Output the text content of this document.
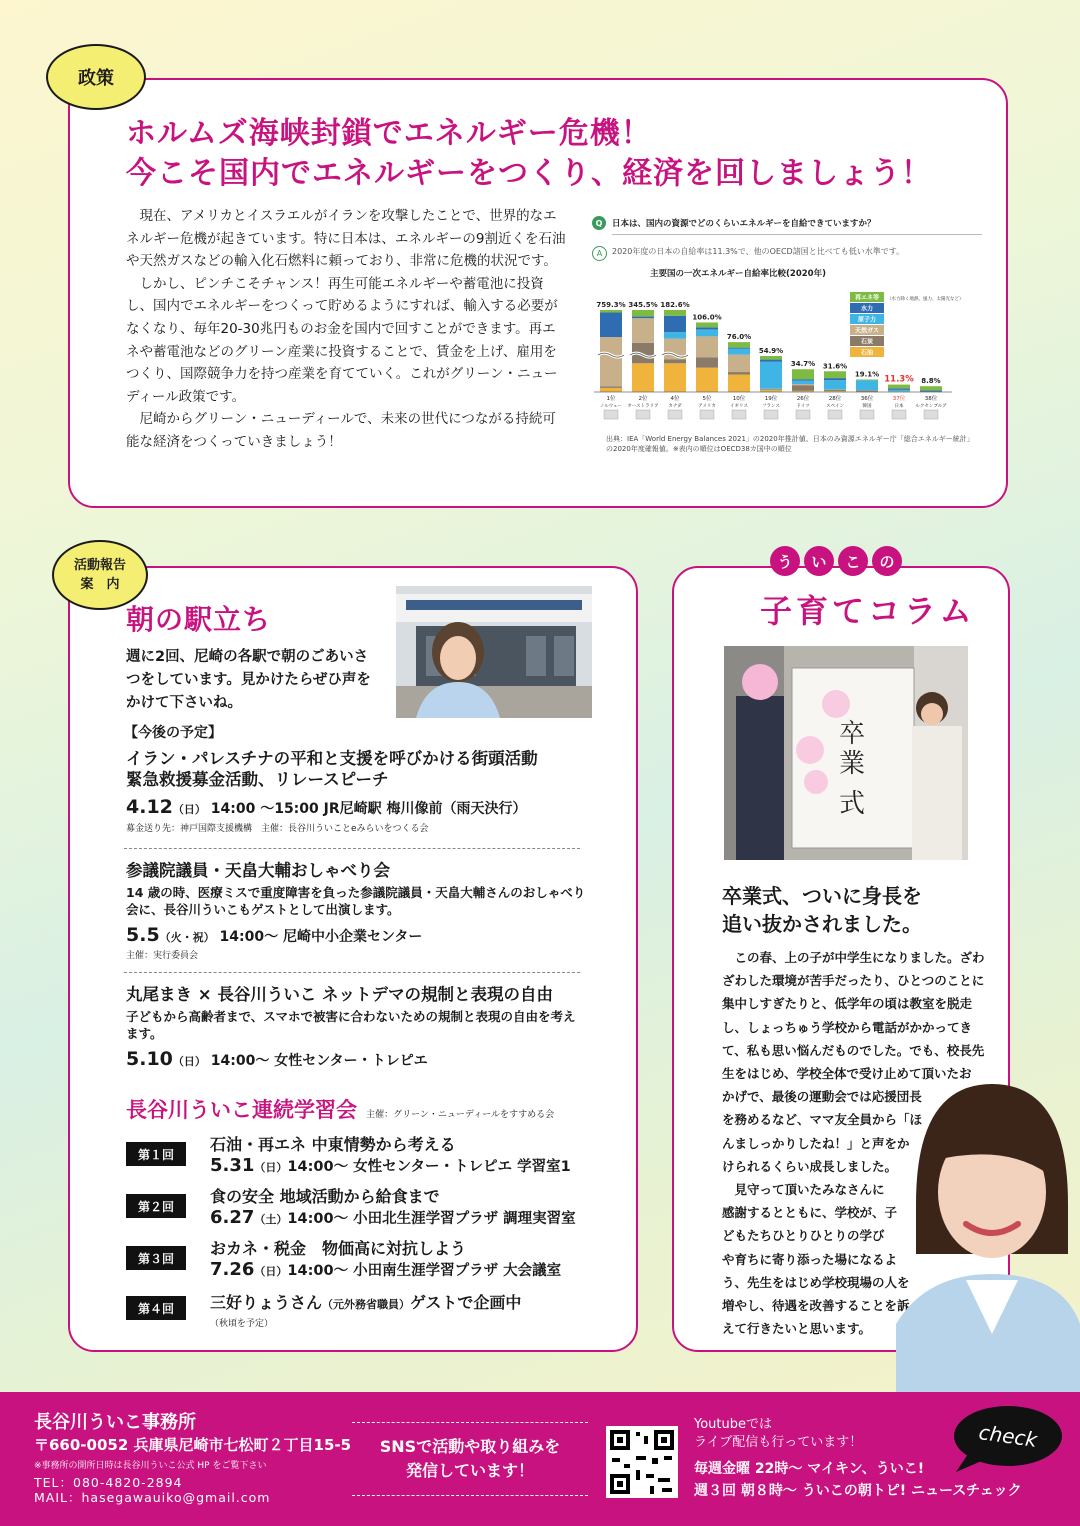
政策
ホルムズ海峡封鎖でエネルギー危機！
今こそ国内でエネルギーをつくり、経済を回しましょう！

現在、アメリカとイスラエルがイランを攻撃したことで、世界的なエネルギー危機が起きています。特に日本は、エネルギーの9割近くを石油や天然ガスなどの輸入化石燃料に頼っており、非常に危機的状況です。

しかし、ピンチこそチャンス！再生可能エネルギーや蓄電池に投資し、国内でエネルギーをつくって貯めるようにすれば、輸入する必要がなくなり、毎年20-30兆円ものお金を国内で回すことができます。再エネや蓄電池などのグリーン産業に投資することで、賃金を上げ、雇用をつくり、国際競争力を持つ産業を育てていく。これがグリーン・ニューディール政策です。

尼崎からグリーン・ニューディールで、未来の世代につながる持続可能な経済をつくっていきましょう！

Q 日本は、国内の資源でどのくらいエネルギーを自給できていますか？
A 2020年度の日本の自給率は11.3%で、他のOECD諸国と比べても低い水準です。
主要国の一次エネルギー自給率比較(2020年)
759.3%
1位
ノルウェー
345.5%
2位
オーストラリア
182.6%
4位
カナダ
106.0%
5位
アメリカ
76.0%
10位
イギリス
54.9%
19位
フランス
34.7%
26位
ドイツ
31.6%
28位
スペイン
19.1%
36位
韓国
11.3%
37位
日本
8.8%
38位
ルクセンブルグ
再エネ等
水力
原子力
天然ガス
石炭
石油
（水力除く地熱、風力、太陽光など）
出典：IEA「World Energy Balances 2021」の2020年推計値、日本のみ資源エネルギー庁「総合エネルギー統計」の2020年度確報値。※表内の順位はOECD38カ国中の順位
活動報告
案　内
朝の駅立ち
週に2回、尼崎の各駅で朝のごあいさつをしています。見かけたらぜひ声をかけて下さいね。
【今後の予定】
イラン・パレスチナの平和と支援を呼びかける街頭活動
緊急救援募金活動、リレースピーチ
4.12（日） 14:00 〜15:00 JR尼崎駅 梅川像前（雨天決行）
募金送り先：神戸国際支援機構　主催：長谷川ういことeみらいをつくる会
参議院議員・天畠大輔おしゃべり会
14 歳の時、医療ミスで重度障害を負った参議院議員・天畠大輔さんのおしゃべり会に、長谷川ういこもゲストとして出演します。
5.5（火・祝） 14:00〜 尼崎中小企業センター
主催：実行委員会
丸尾まき × 長谷川ういこ ネットデマの規制と表現の自由
子どもから高齢者まで、スマホで被害に合わないための規制と表現の自由を考えます。
5.10（日） 14:00〜 女性センター・トレピエ
長谷川ういこ連続学習会 主催：グリーン・ニューディールをすすめる会
第１回
石油・再エネ 中東情勢から考える
5.31（日）14:00〜 女性センター・トレピエ 学習室1
第２回
食の安全 地域活動から給食まで
6.27（土）14:00〜 小田北生涯学習プラザ 調理実習室
第３回
おカネ・税金　物価高に対抗しよう
7.26（日）14:00〜 小田南生涯学習プラザ 大会議室
第４回	三好りょうさん（元外務省職員）ゲストで企画中
（秋頃を予定）
う い こ の
子育てコラム
卒
業
式
卒業式、ついに身長を
追い抜かされました。
この春、上の子が中学生になりました。ざわ
ざわした環境が苦手だったり、ひとつのことに
集中しすぎたりと、低学年の頃は教室を脱走
し、しょっちゅう学校から電話がかかってき
て、私も思い悩んだものでした。でも、校長先
生をはじめ、学校全体で受け止めて頂いたお
かげで、最後の運動会では応援団長
を務めるなど、ママ友全員から「ほ
んましっかりしたね！」と声をか
けられるくらい成長しました。
見守って頂いたみなさんに
感謝するとともに、学校が、子
どもたちひとりひとりの学び
や育ちに寄り添った場になるよ
う、先生をはじめ学校現場の人を
増やし、待遇を改善することを訴
えて行きたいと思います。
長谷川ういこ事務所
〒660-0052 兵庫県尼崎市七松町２丁目15-5
※事務所の開所日時は長谷川ういこ公式 HP をご覧下さい
TEL：080-4820-2894
MAIL：hasegawauiko@gmail.com
SNSで活動や取り組みを
発信しています！
Youtubeでは
ライブ配信も行っています！
毎週金曜 22時〜 マイキン、ういこ!
週３回 朝８時〜 ういこの朝トピ! ニュースチェック
check
